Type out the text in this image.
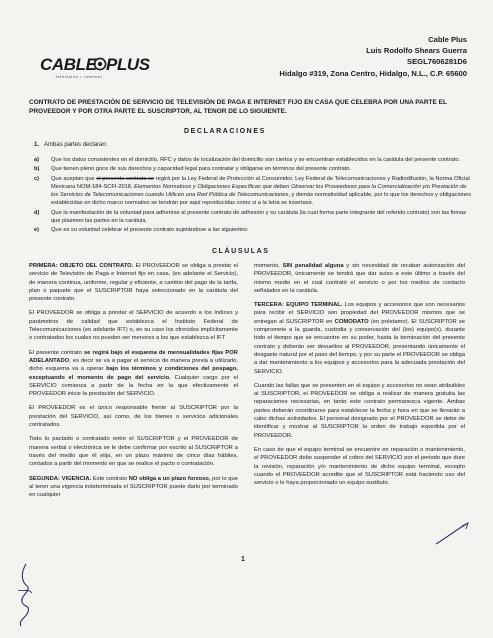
CABLE PLUS
Televisión • Internet
Cable Plus
Luis Rodolfo Shears Guerra
SEGL7606281D6
Hidalgo #319, Zona Centro, Hidalgo, N.L., C.P. 65600
CONTRATO DE PRESTACIÓN DE SERVICIO DE TELEVISIÓN DE PAGA E INTERNET FIJO EN CASA QUE CELEBRA POR UNA PARTE EL PROVEEDOR Y POR OTRA PARTE EL SUSCRIPTOR, AL TENOR DE LO SIGUIENTE.
DECLARACIONES
1. Ambas partes declaran:
a) Que los datos consistentes en el domicilio, RFC y datos de localización del domicilio son ciertos y se encuentran establecidos en la carátula del presente contrato.
b) Que tienen pleno goce de sus derechos y capacidad legal para contratar y obligarse en términos del presente contrato.
c) Que aceptan que el presente contrato se regirá por la Ley Federal de Protección al Consumidor, Ley Federal de Telecomunicaciones y Radiodifusión, la Norma Oficial Mexicana NOM-184-SCFI-2018, Elementos Normativos y Obligaciones Específicas que deben Observar los Proveedores para la Comercialización y/o Prestación de los Servicios de Telecomunicaciones cuando Utilicen una Red Pública de Telecomunicaciones, y demás normatividad aplicable, por lo que los derechos y obligaciones establecidas en dicho marco normativo se tendrán por aquí reproducidas como si a la letra se insertase.
d) Que la manifestación de la voluntad para adherirse al presente contrato de adhesión y su carátula (la cual forma parte integrante del referido contrato) son las firmas que plasmen las partes en la carátula.
e) Que es su voluntad celebrar el presente contrato sujetándose a las siguientes:
CLÁUSULAS

PRIMERA: OBJETO DEL CONTRATO. El PROVEEDOR se obliga a prestar el servicio de Televisión de Paga e Internet fijo en casa, (en adelante el Servicio), de manera continua, uniforme, regular y eficiente, a cambio del pago de la tarifa, plan o paquete que el SUSCRIPTOR haya seleccionado en la carátula del presente contrato.

El PROVEEDOR se obliga a prestar el SERVICIO de acuerdo a los índices y parámetros de calidad que establezca el Instituto Federal de Telecomunicaciones (en adelante IFT) o, en su caso los ofrecidos implícitamente o contratados los cuales no pueden ser menores a los que establezca el IFT

El presente contrato se regirá bajo el esquema de mensualidades fijas POR ADELANTADO, es decir se va a pagar el servicio de manera previa a utilizarlo, dicho esquema va a operar bajo los términos y condiciones del pospago, exceptuando el momento de pago del servicio. Cualquier cargo por el SERVICIO comienza a partir de la fecha en la que efectivamente el PROVEEDOR inicie la prestación del SERVICIO.

El PROVEEDOR es el único responsable frente al SUSCRIPTOR por la prestación del SERVICIO, así como, de los bienes o servicios adicionales contratados.

Todo lo pactado o contratado entre el SUSCRIPTOR y el PROVEEDOR de manera verbal o electrónica se le debe confirmar por escrito al SUSCRIPTOR a través del medio que él elija, en un plazo máximo de cinco días hábiles, contados a partir del momento en que se realice el pacto o contratación.

SEGUNDA: VIGENCIA. Este contrato NO obliga a un plazo forzoso, por lo que al tener una vigencia indeterminada el SUSCRIPTOR puede darlo por terminado en cualquier

momento, SIN penalidad alguna y sin necesidad de recabar autorización del PROVEEDOR, únicamente se tendrá que dar aviso a este último a través del mismo medio en el cual contrató el servicio o por los medios de contacto señalados en la carátula.

TERCERA: EQUIPO TERMINAL. Los equipos y accesorios que son necesarios para recibir el SERVICIO son propiedad del PROVEEDOR mismos que se entregan al SUSCRIPTOR en COMODATO (en préstamo). El SUSCRIPTOR se compromete a la guarda, custodia y conservación del (los) equipo(s), durante todo el tiempo que se encuentre en su poder, hasta la terminación del presente contrato y deberán ser devueltos al PROVEEDOR, presentando únicamente el desgaste natural por el paso del tiempo, y por su parte el PROVEEDOR se obliga a dar mantenimiento a los equipos y accesorios para la adecuada prestación del SERVICIO.

Cuando las fallas que se presenten en el equipo y accesorios no sean atribuibles al SUSCRIPTOR, el PROVEEDOR se obliga a realizar de manera gratuita las reparaciones necesarias, en tanto este contrato permanezca vigente. Ambas partes deberán coordinarse para establecer la fecha y hora en que se llevarán a cabo dichas actividades. El personal designado por el PROVEEDOR se debe de identificar y mostrar al SUSCRIPTOR la orden de trabajo expedida por el PROVEEDOR.

En caso de que el equipo terminal se encuentre en reparación o mantenimiento, el PROVEEDOR debe suspender el cobro del SERVICIO por el periodo que dure la revisión, reparación y/o mantenimiento de dicho equipo terminal, excepto cuando el PROVEEDOR acredite que el SUSCRIPTOR está haciendo uso del servicio o le haya proporcionado un equipo sustituto.

1
